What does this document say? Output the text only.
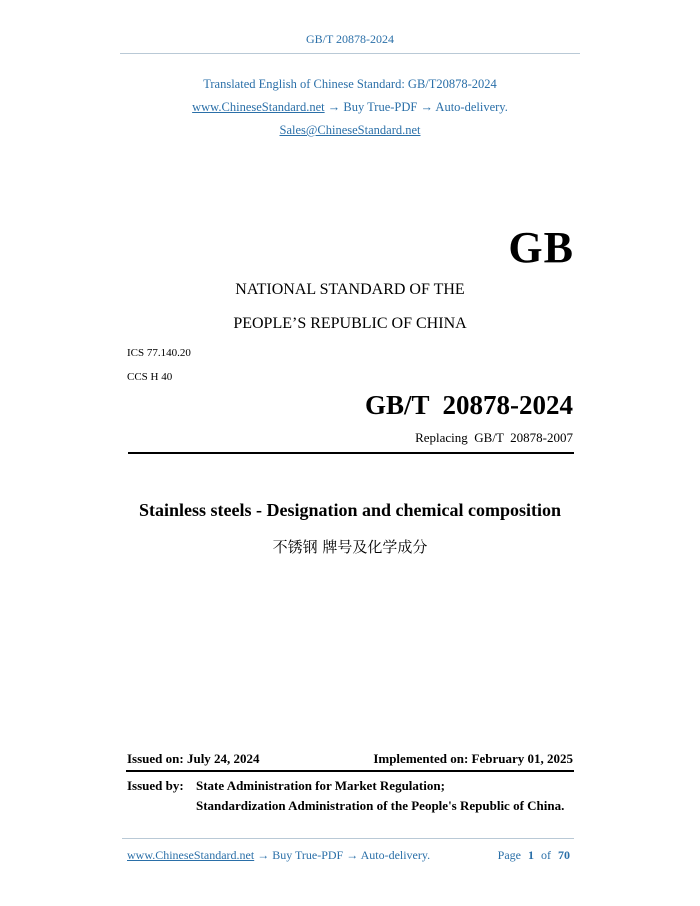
GB/T 20878-2024
Translated English of Chinese Standard: GB/T20878-2024
www.ChineseStandard.net → Buy True-PDF → Auto-delivery.
Sales@ChineseStandard.net
GB
NATIONAL STANDARD OF THE
PEOPLE’S REPUBLIC OF CHINA
ICS 77.140.20
CCS H 40
GB/T  20878-2024
Replacing  GB/T  20878-2007
Stainless steels - Designation and chemical composition
不锈钢 牌号及化学成分
Issued on: July 24, 2024	Implemented on: February 01, 2025
Issued by: State Administration for Market Regulation;
Standardization Administration of the People's Republic of China.
www.ChineseStandard.net → Buy True-PDF → Auto-delivery.	Page 1 of 70
